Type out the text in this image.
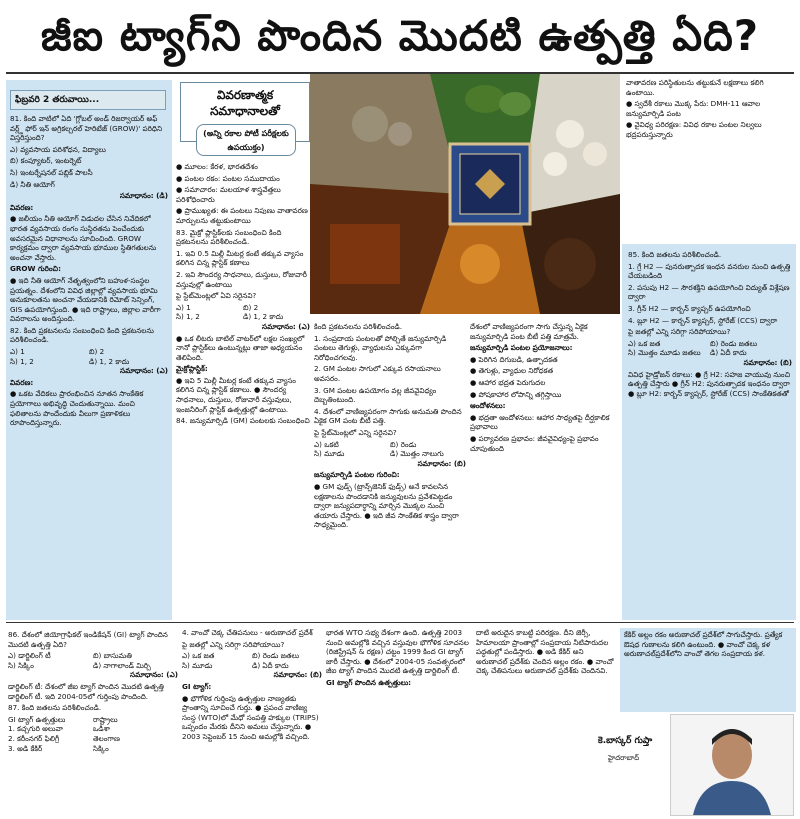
జీఐ ట్యాగ్‌ని పొందిన మొదటి ఉత్పత్తి ఏది?
ఫిబ్రవరి 2 తరువాయి...

81. కింది వాటిలో ఏది 'గ్లోబల్ అండ్ రిజర్వాయర్ అఫ్ వర్ల్డ్ ఫోర్ ఇన్ అగ్రికల్చరల్ హెరిటేజ్ (GROW)' పరిధిని విస్తరిస్తుంది?

ఎ) వ్యవసాయ పరిశోధన, విద్యాలు

బి) కంప్యూటర్, ఇంటర్నెట్

సి) ఇంటర్నేషనల్ పబ్లిక్ పాలసీ

డి) నీతి ఆయోగ్

సమాధానం: (డి)

వివరణ:

● జలీయం నీతి ఆయోగ్ విడుదల చేసిన నివేదికలో భారత వ్యవసాయ రంగం సుస్థిరతను పెంచేందుకు అవసరమైన విధానాలను సూచించింది. GROW కార్యక్రమం ద్వారా వ్యవసాయ భూముల స్థితిగతులను అంచనా వేస్తారు.

GROW గురించి:

● ఇది నీతి ఆయోగ్ నేతృత్వంలోని బహుళ-సంస్థల ప్రయత్నం. దేశంలోని వివిధ జిల్లాల్లో వ్యవసాయ భూమి అనుకూలతను అంచనా వేయడానికి రిమోట్ సెన్సింగ్, GIS ఉపయోగిస్తుంది. ● ఇది రాష్ట్రాలు, జిల్లాల వారీగా వివరాలను అందిస్తుంది.

82. కింది ప్రకటనలను సంబంధించి కింది ప్రకటనలను పరిశీలించండి.

ఎ) 1	బి) 2
సి) 1, 2	డి) 1, 2 కాదు

సమాధానం: (ఎ)

వివరణ:

● ఒకట వేదికలు ప్రారంభించిన నూతన సాంకేతిక ప్రయోగాలు అభివృద్ధి చెందుతున్నాయి. మంచి ఫలితాలను పొందేందుకు వీలుగా ప్రణాళికలు రూపొందిస్తున్నారు.

వివరణాత్మక సమాధానాలతో
(అన్ని రకాల పోటీ పరీక్షలకు ఉపయుక్తం)

● మూలం: కేరళ, భారతదేశం

● పంటల రకం: పంటల సముదాయం

● సమాచారం: మలయాళ శాస్త్రవేత్తలు పరిశోధించారు

● ప్రాముఖ్యత: ఈ పంటలు నిపుణు వాతావరణ మార్పులను తట్టుకుంటాయి

83. మైక్రో ప్లాస్టిక్‌లకు సంబంధించి కింది ప్రకటనలను పరిశీలించండి.

1. ఇవి 0.5 మిల్లీ మీటర్ల కంటే తక్కువ వ్యాసం కలిగిన చిన్న ప్లాస్టిక్ కణాలు

2. ఇవి సౌందర్య సాధనాలు, దుస్తులు, రోజువారీ వస్తువుల్లో ఉంటాయి

పై స్టేట్‌మెంట్లలో ఏవి సరైనవి?

ఎ) 1	బి) 2
సి) 1, 2	డి) 1, 2 కాదు

సమాధానం: (ఎ)

● ఒక లీటరు బాటిల్ వాటర్‌లో లక్షల సంఖ్యలో నానో ప్లాస్టిక్‌లు ఉంటున్నట్లు తాజా అధ్యయనం తెలిపింది.

మైక్రోప్లాస్టిక్:

● ఇవి 5 మిల్లీ మీటర్ల కంటే తక్కువ వ్యాసం కలిగిన చిన్న ప్లాస్టిక్ కణాలు. ● సౌందర్య సాధనాలు, దుస్తులు, రోజువారీ వస్తువులు, ఇంజనీరింగ్ ప్లాస్టిక్ ఉత్పత్తుల్లో ఉంటాయి.

84. జన్యుమార్పిడి (GM) పంటలకు సంబంధించి

కింది ప్రకటనలను పరిశీలించండి.

1. సంప్రదాయ పంటలతో పోల్చితే జన్యుమార్పిడి పంటలు తెగుళ్లు, వ్యాధులను ఎక్కువగా నిరోధించగలవు.

2. GM పంటల సాగులో ఎక్కువ రసాయనాలు అవసరం.

3. GM పంటల ఉపయోగం వల్ల జీవవైవిధ్యం దెబ్బతింటుంది.

4. దేశంలో వాణిజ్యపరంగా సాగుకు అనుమతి పొందిన ఏకైక GM పంట బీటీ పత్తి.

పై స్టేట్‌మెంట్లలో ఎన్ని సరైనవి?

ఎ) ఒకటి	బి) రెండు
సి) మూడు	డి) మొత్తం నాలుగు

సమాధానం: (బి)

జన్యుమార్పిడి పంటల గురించి:

● GM ఫుడ్స్ (ట్రాన్స్‌జెనిక్ ఫుడ్స్) అనే కావలసిన లక్షణాలను పొందడానికి జన్యువులను ప్రవేశపెట్టడం ద్వారా జన్యుపదార్థాన్ని మార్చిన మొక్కల నుంచి తయారు చేస్తారు. ● ఇది జీవ సాంకేతిక శాస్త్రం ద్వారా సాధ్యమైంది.

దేశంలో వాణిజ్యపరంగా సాగు చేస్తున్న ఏకైక జన్యుమార్పిడి పంట బీటీ పత్తి మాత్రమే.

జన్యుమార్పిడి పంటల ప్రయోజనాలు:

● పెరిగిన దిగుబడి, ఉత్పాదకత

● తెగుళ్లు, వ్యాధుల నిరోధకత

● ఆహార భద్రత పెరుగుదల

● పోషకాహార లోపాన్ని తగ్గిస్తాయి

ఆందోళనలు:

● భద్రతా ఆందోళనలు: ఆహార సాధ్యతపై దీర్ఘకాలిక ప్రభావాలు

● పర్యావరణ ప్రభావం: జీవవైవిధ్యంపై ప్రభావం చూపుతుంది

వాతావరణ పరిస్థితులను తట్టుకునే లక్షణాలు కలిగి ఉంటాయి.

● స్వదేశీ రకాలు మొక్క పేరు: DMH-11 ఆవాల జన్యుమార్పిడి పంట

● వైవిధ్య పరిరక్షణ: వివిధ రకాల పంటల నిల్వలు భద్రపరుస్తున్నారు

85. కింది జతలను పరిశీలించండి.

1. గ్రే H2 — పునరుత్పాదక ఇంధన వనరుల నుంచి ఉత్పత్తి చేయబడింది

2. పసుపు H2 — సౌరశక్తిని ఉపయోగించి విద్యుత్ విశ్లేషణ ద్వారా

3. గ్రీన్ H2 — కార్బన్ క్యాప్చర్ ఉపయోగించి

4. బ్లూ H2 — కార్బన్ క్యాప్చర్, స్టోరేజ్ (CCS) ద్వారా

పై జతల్లో ఎన్ని సరిగ్గా సరిపోయాయి?

ఎ) ఒక జత	బి) రెండు జతలు
సి) మొత్తం మూడు జతలు	డి) ఏదీ కాదు

సమాధానం: (బి)

వివిధ హైడ్రోజన్ రకాలు: ● గ్రే H2: సహజ వాయువు నుంచి ఉత్పత్తి చేస్తారు ● గ్రీన్ H2: పునరుత్పాదక ఇంధనం ద్వారా ● బ్లూ H2: కార్బన్ క్యాప్చర్, స్టోరేజ్ (CCS) సాంకేతికతతో

86. దేశంలో జియోగ్రాఫికల్ ఇండికేషన్ (GI) ట్యాగ్ పొందిన మొదటి ఉత్పత్తి ఏది?

ఎ) డార్జిలింగ్ టీ	బి) బాసుమతి
సి) సిక్కిం	డి) నాగాలాండ్ మిర్చి

సమాధానం: (ఎ)

డార్జిలింగ్ టీ: దేశంలో జీఐ ట్యాగ్ పొందిన మొదటి ఉత్పత్తి డార్జిలింగ్ టీ. ఇది 2004-05లో గుర్తింపు పొందింది.

87. కింది జతలను పరిశీలించండి.

GI ట్యాగ్ ఉత్పత్తులు	రాష్ట్రాలు
1. కచ్చగురి అలువా	ఒడిశా
2. కరీంనగర్ ఫిలిగ్రీ	తెలంగాణ
3. అడి కేకిర్	సిక్కిం

4. వాంచో చెక్క చేతిపనులు - అరుణాచల్ ప్రదేశ్

పై జతల్లో ఎన్ని సరిగ్గా సరిపోయాయి?

ఎ) ఒక జత	బి) రెండు జతలు
సి) మూడు	డి) ఏదీ కాదు

సమాధానం: (బి)

GI ట్యాగ్:

● భౌగోళిక గుర్తింపు ఉత్పత్తుల నాణ్యతకు ప్రాంతాన్ని సూచించే గుర్తు. ● ప్రపంచ వాణిజ్య సంస్థ (WTO)లో మేధో సంపత్తి హక్కుల (TRIPS) ఒప్పందం మేరకు దీనిని అమలు చేస్తున్నారు. ● 2003 సెప్టెంబర్ 15 నుంచి అమల్లోకి వచ్చింది.

భారత WTO సభ్య దేశంగా ఉంది. ఉత్పత్తి 2003 నుంచి అమల్లోకి వచ్చిన వస్తువుల భౌగోళిక సూచనల (రిజిస్ట్రేషన్ & రక్షణ) చట్టం 1999 కింద GI ట్యాగ్ జారీ చేస్తారు. ● దేశంలో 2004-05 సంవత్సరంలో జీఐ ట్యాగ్ పొందిన మొదటి ఉత్పత్తి డార్జిలింగ్ టీ.

GI ట్యాగ్ పొందిన ఉత్పత్తులు:

దాటి అరుదైన కాబట్టి పరిరక్షణ. దీని జెర్సీ, హిమాలయా ప్రాంతాల్లో సంప్రదాయ నీటిపారుదల పద్ధతుల్లో పండిస్తారు. ● అడి కేకిర్ అని అరుణాచల్ ప్రదేశ్‌కు చెందిన అల్లం రకం. ● వాంచో చెక్క చేతిపనులు అరుణాచల్ ప్రదేశ్‌కు చెందినవి.

కేకిర్ అల్లం రకం అరుణాచల్ ప్రదేశ్‌లో సాగుచేస్తారు. ప్రత్యేక ఔషధ గుణాలను కలిగి ఉంటుంది. ● వాంచో చెక్క కళ అరుణాచల్‌ప్రదేశ్‌లోని వాంచో తెగల సంప్రదాయ కళ.

కె.బాస్కర్ గుప్తా
హైదరాబాద్
